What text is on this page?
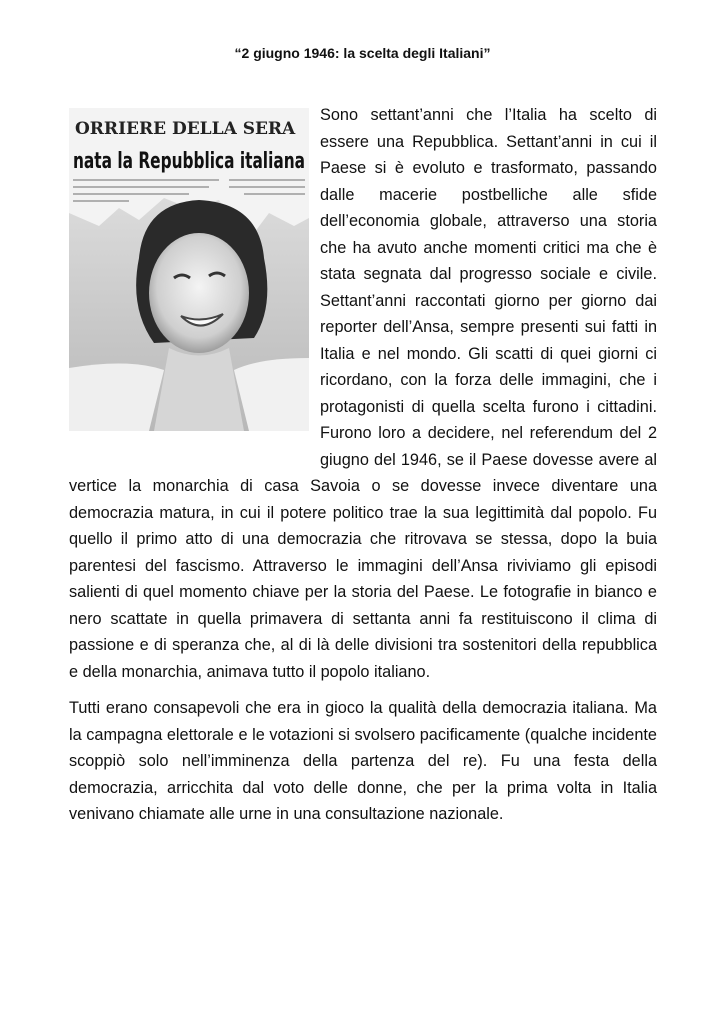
“2 giugno 1946: la scelta degli Italiani”
ORRIERE DELLA SERA
nata la Repubblica italiana

Sono settant’anni che l’Italia ha scelto di essere una Repubblica. Settant’anni in cui il Paese si è evoluto e trasformato, passando dalle macerie postbelliche alle sfide dell’economia globale, attraverso una storia che ha avuto anche momenti critici ma che è stata segnata dal progresso sociale e civile. Settant’anni raccontati giorno per giorno dai reporter dell’Ansa, sempre presenti sui fatti in Italia e nel mondo. Gli scatti di quei giorni ci ricordano, con la forza delle immagini, che i protagonisti di quella scelta furono i cittadini. Furono loro a decidere, nel referendum del 2 giugno del 1946, se il Paese dovesse avere al vertice la monarchia di casa Savoia o se dovesse invece diventare una democrazia matura, in cui il potere politico trae la sua legittimità dal popolo. Fu quello il primo atto di una democrazia che ritrovava se stessa, dopo la buia parentesi del fascismo. Attraverso le immagini dell’Ansa riviviamo gli episodi salienti di quel momento chiave per la storia del Paese. Le fotografie in bianco e nero scattate in quella primavera di settanta anni fa restituiscono il clima di passione e di speranza che, al di là delle divisioni tra sostenitori della repubblica e della monarchia, animava tutto il popolo italiano.

Tutti erano consapevoli che era in gioco la qualità della democrazia italiana. Ma la campagna elettorale e le votazioni si svolsero pacificamente (qualche incidente scoppiò solo nell’imminenza della partenza del re). Fu una festa della democrazia, arricchita dal voto delle donne, che per la prima volta in Italia venivano chiamate alle urne in una consultazione nazionale.
